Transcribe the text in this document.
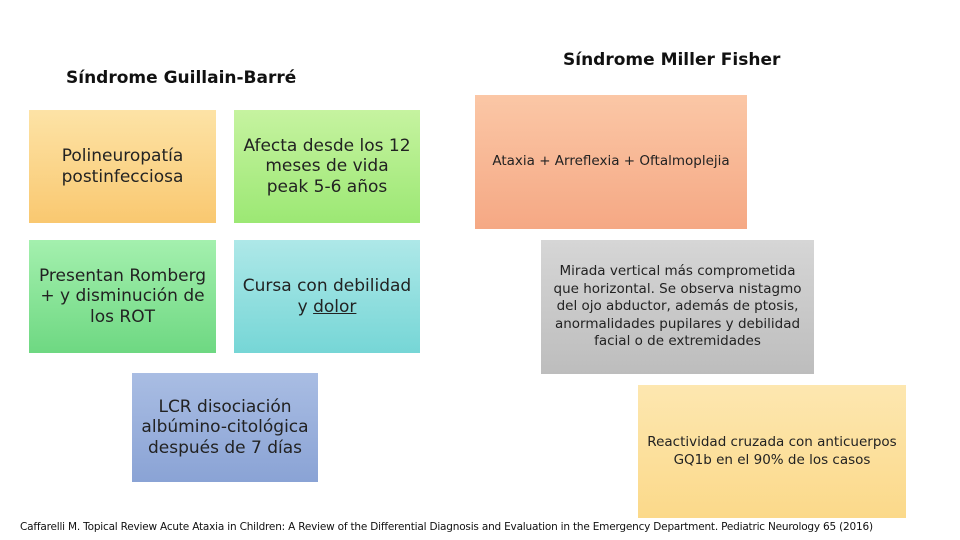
Síndrome Guillain-Barré
Síndrome Miller Fisher
Polineuropatía postinfecciosa
Afecta desde los 12 meses de vida peak 5-6 años
Presentan Romberg + y disminución de los ROT
Cursa con debilidad y dolor
LCR disociación albúmino-citológica después de 7 días
Ataxia + Arreflexia + Oftalmoplejia
Mirada vertical más comprometida que horizontal. Se observa nistagmo del ojo abductor, además de ptosis, anormalidades pupilares y debilidad facial o de extremidades
Reactividad cruzada con anticuerpos GQ1b en el 90% de los casos
Caffarelli M. Topical Review Acute Ataxia in Children: A Review of the Differential Diagnosis and Evaluation in the Emergency Department. Pediatric Neurology 65 (2016)
